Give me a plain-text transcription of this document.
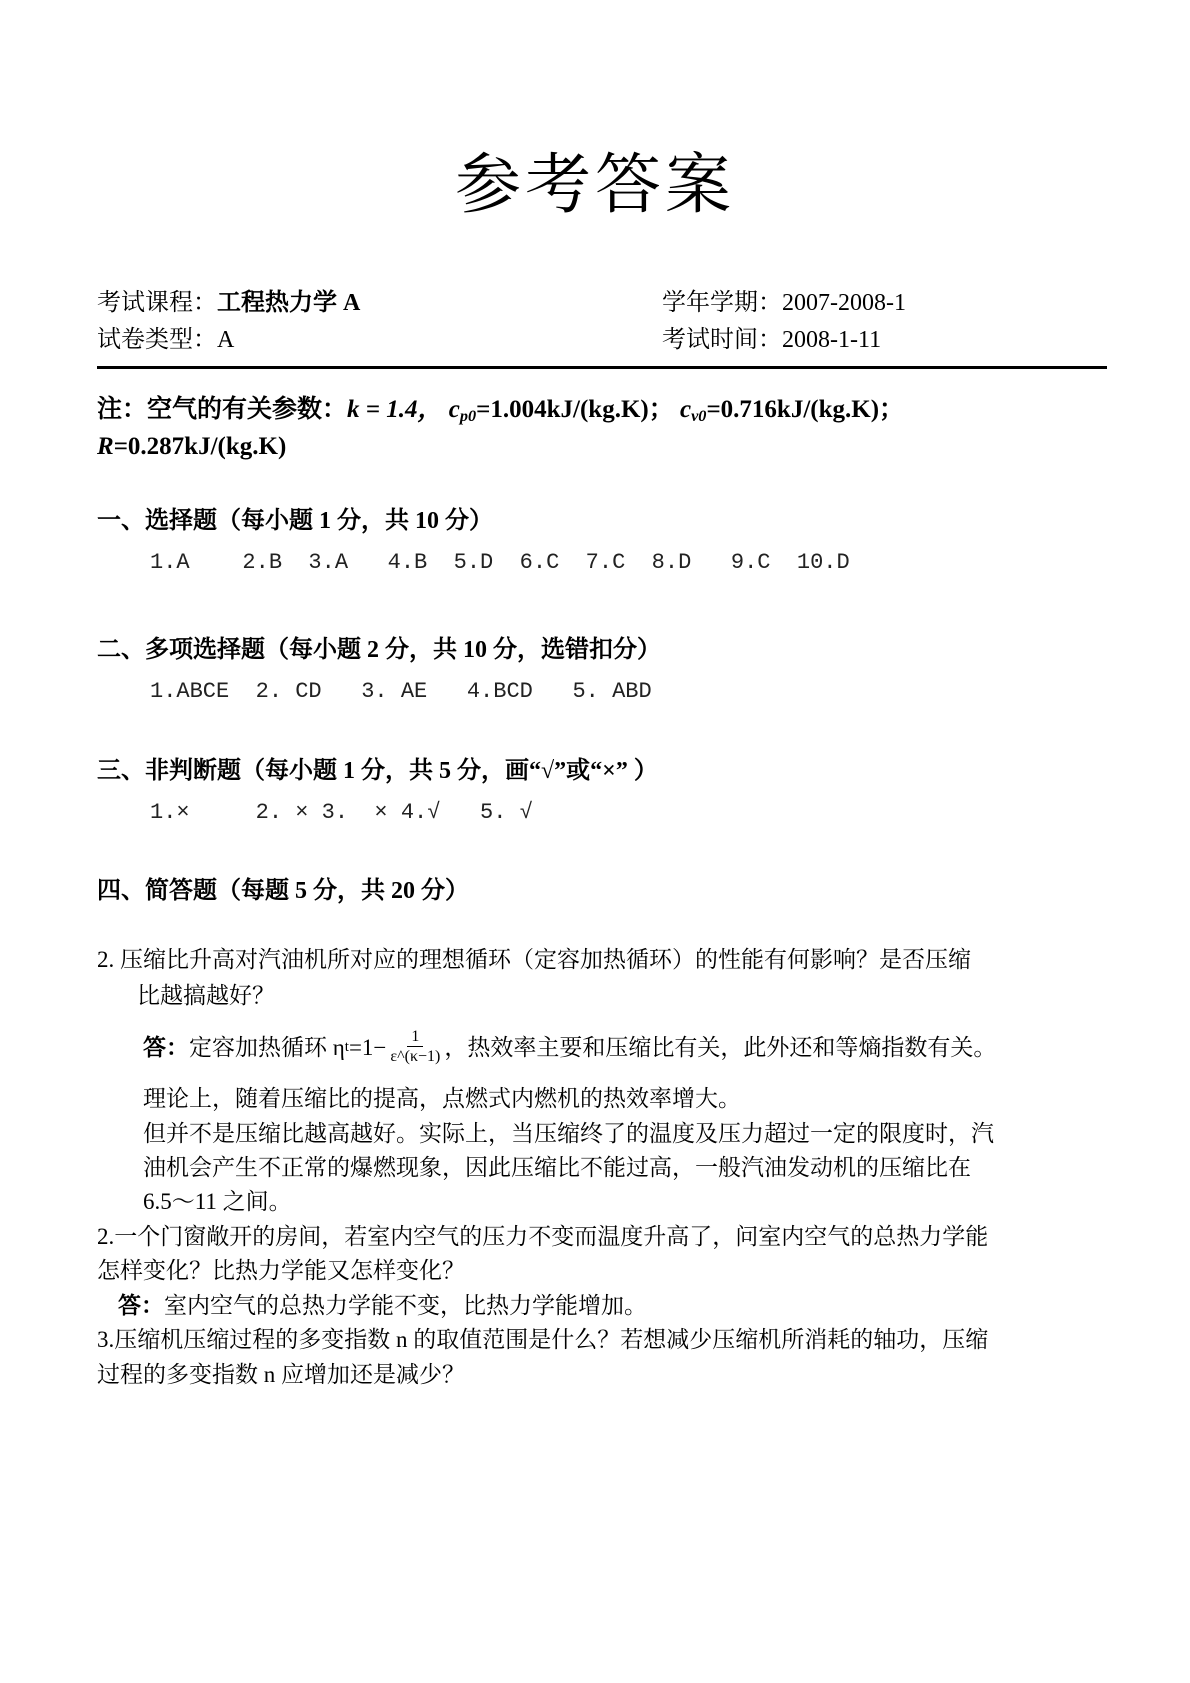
参考答案
考试课程：工程热力学 A	学年学期：2007-2008-1
试卷类型：A	考试时间：2008-1-11
注：空气的有关参数：k = 1.4， $c_{p0}=1.004kJ/(kg.K)$； $c_{v0}=0.716kJ/(kg.K)$；
R=0.287kJ/(kg.K)
一、选择题（每小题 1 分，共 10 分）
1.A    2.B  3.A   4.B  5.D  6.C  7.C  8.D   9.C  10.D
二、多项选择题（每小题 2 分，共 10 分，选错扣分）
1.ABCE  2. CD   3. AE   4.BCD   5. ABD
三、非判断题（每小题 1 分，共 5 分，画“√”或“×” ）
1.×     2. × 3.  × 4.√   5. √
四、简答题（每题 5 分，共 20 分）
2. 压缩比升高对汽油机所对应的理想循环（定容加热循环）的性能有何影响？是否压缩
比越搞越好？
答： 定容加热循环 η $t =1- \frac{1}{\varepsilon\^{}(\kappa-1)}$ ，热效率主要和压缩比有关，此外还和等熵指数有关。
理论上，随着压缩比的提高，点燃式内燃机的热效率增大。
但并不是压缩比越高越好。实际上，当压缩终了的温度及压力超过一定的限度时，汽
油机会产生不正常的爆燃现象，因此压缩比不能过高，一般汽油发动机的压缩比在
6.5～11 之间。
2.一个门窗敞开的房间，若室内空气的压力不变而温度升高了，问室内空气的总热力学能
怎样变化？比热力学能又怎样变化？
答：室内空气的总热力学能不变，比热力学能增加。
3.压缩机压缩过程的多变指数 n 的取值范围是什么？若想减少压缩机所消耗的轴功，压缩
过程的多变指数 n 应增加还是减少？
